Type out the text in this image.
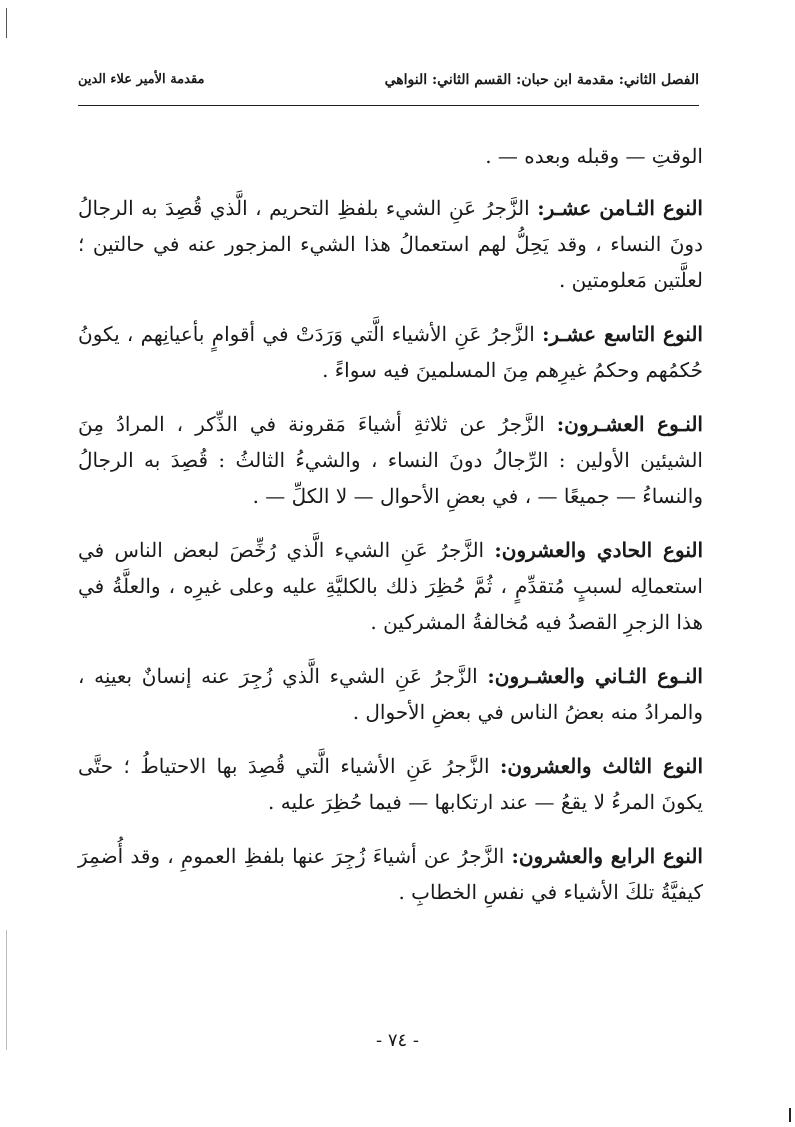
الفصل الثاني: مقدمة ابن حبان: القسم الثاني: النواهي
مقدمة الأمير علاء الدين

الوقتِ — وقبله وبعده — .

النوع الثـامن عشـر: الزَّجرُ عَنِ الشيء بلفظِ التحريم ، الَّذي قُصِدَ به الرجالُ دونَ النساء ، وقد يَحِلُّ لهم استعمالُ هذا الشيء المزجور عنه في حالتين ؛ لعلَّتين مَعلومتين .

النوع التاسع عشـر: الزَّجرُ عَنِ الأشياء الَّتي وَرَدَتْ في أقوامٍ بأعيانِهم ، يكونُ حُكمُهم وحكمُ غيرِهم مِنَ المسلمينَ فيه سواءً .

النـوع العشـرون: الزَّجرُ عن ثلاثةِ أشياءَ مَقرونة في الذِّكر ، المرادُ مِنَ الشيئين الأولين : الرِّجالُ دونَ النساء ، والشيءُ الثالثُ : قُصِدَ به الرجالُ والنساءُ — جميعًا — ، في بعضِ الأحوال — لا الكلِّ — .

النوع الحادي والعشرون: الزَّجرُ عَنِ الشيء الَّذي رُخِّصَ لبعض الناس في استعمالِه لسببٍ مُتقدِّمٍ ، ثُمَّ حُظِرَ ذلك بالكليَّةِ عليه وعلى غيرِه ، والعلَّةُ في هذا الزجرِ القصدُ فيه مُخالفةُ المشركين .

النـوع الثـاني والعشـرون: الزَّجرُ عَنِ الشيء الَّذي زُجِرَ عنه إنسانٌ بعينِه ، والمرادُ منه بعضُ الناس في بعضِ الأحوال .

النوع الثالث والعشرون: الزَّجرُ عَنِ الأشياء الَّتي قُصِدَ بها الاحتياطُ ؛ حتَّى يكونَ المرءُ لا يقعُ — عند ارتكابها — فيما حُظِرَ عليه .

النوع الرابع والعشرون: الزَّجرُ عن أشياءَ زُجِرَ عنها بلفظِ العمومِ ، وقد أُضمِرَ كيفيَّةُ تلكَ الأشياء في نفسِ الخطابِ .

- ٧٤ -
